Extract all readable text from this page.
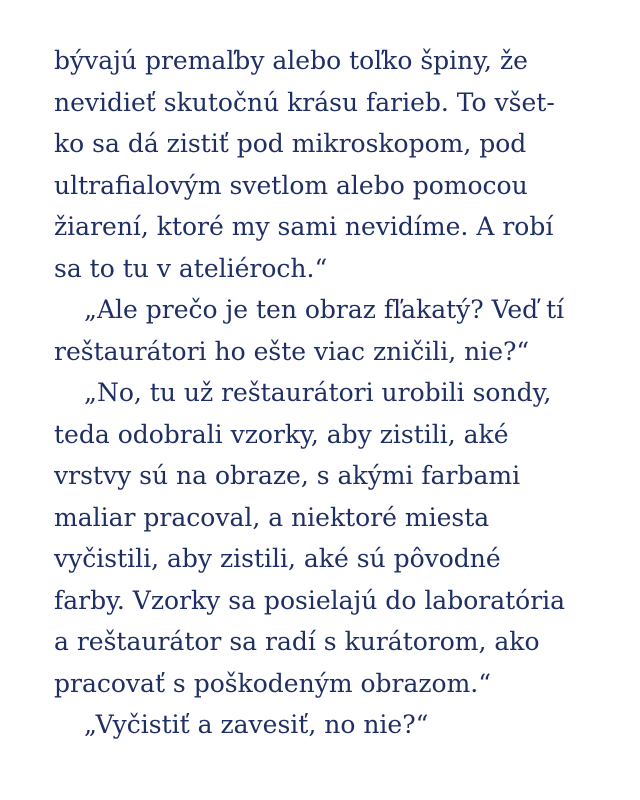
bývajú premaľby alebo toľko špiny, že
nevidieť skutočnú krásu farieb. To všet-
ko sa dá zistiť pod mikroskopom, pod
ultrafialovým svetlom alebo pomocou
žiarení, ktoré my sami nevidíme. A robí
sa to tu v ateliéroch.“
„Ale prečo je ten obraz fľakatý? Veď tí
reštaurátori ho ešte viac zničili, nie?“
„No, tu už reštaurátori urobili sondy,
teda odobrali vzorky, aby zistili, aké
vrstvy sú na obraze, s akými farbami
maliar pracoval, a niektoré miesta
vyčistili, aby zistili, aké sú pôvodné
farby. Vzorky sa posielajú do laboratória
a reštaurátor sa radí s kurátorom, ako
pracovať s poškodeným obrazom.“
„Vyčistiť a zavesiť, no nie?“
